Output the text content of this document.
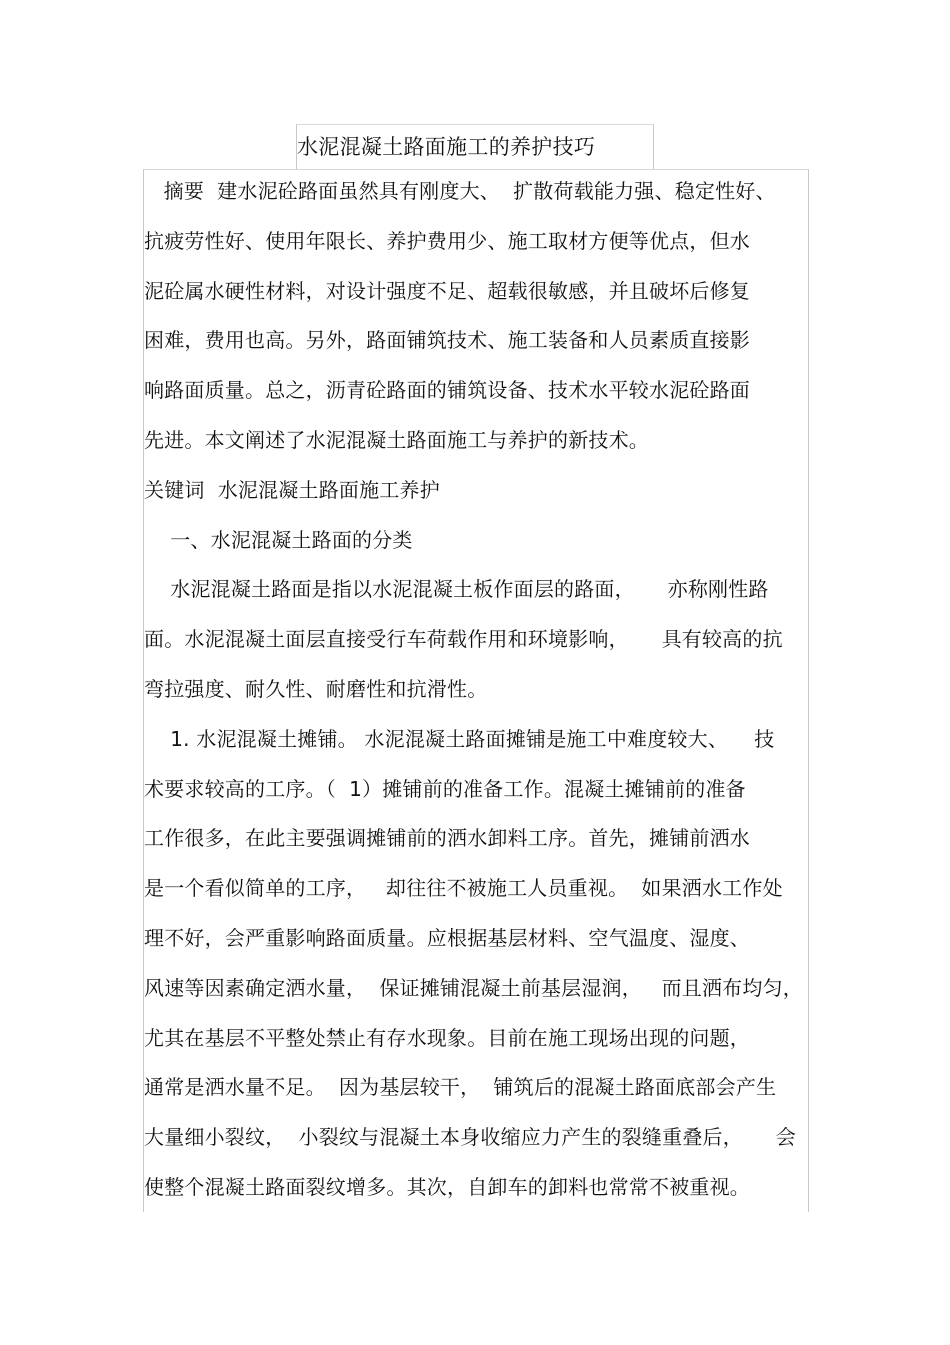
水泥混凝土路面施工的养护技巧
摘要  建水泥砼路面虽然具有刚度大、  扩散荷载能力强、稳定性好、
抗疲劳性好、使用年限长、养护费用少、施工取材方便等优点，但水
泥砼属水硬性材料，对设计强度不足、超载很敏感，并且破坏后修复
困难，费用也高。另外，路面铺筑技术、施工装备和人员素质直接影
响路面质量。总之，沥青砼路面的铺筑设备、技术水平较水泥砼路面
先进。本文阐述了水泥混凝土路面施工与养护的新技术。
关键词  水泥混凝土路面施工养护
一、水泥混凝土路面的分类
水泥混凝土路面是指以水泥混凝土板作面层的路面，     亦称刚性路
面。水泥混凝土面层直接受行车荷载作用和环境影响，     具有较高的抗
弯拉强度、耐久性、耐磨性和抗滑性。
1. 水泥混凝土摊铺。 水泥混凝土路面摊铺是施工中难度较大、    技
术要求较高的工序。（  1）摊铺前的准备工作。混凝土摊铺前的准备
工作很多，在此主要强调摊铺前的洒水卸料工序。首先，摊铺前洒水
是一个看似简单的工序，   却往往不被施工人员重视。  如果洒水工作处
理不好，会严重影响路面质量。应根据基层材料、空气温度、湿度、
风速等因素确定洒水量，  保证摊铺混凝土前基层湿润，   而且洒布均匀，
尤其在基层不平整处禁止有存水现象。目前在施工现场出现的问题，
通常是洒水量不足。  因为基层较干，  铺筑后的混凝土路面底部会产生
大量细小裂纹，  小裂纹与混凝土本身收缩应力产生的裂缝重叠后，     会
使整个混凝土路面裂纹增多。其次，自卸车的卸料也常常不被重视。
